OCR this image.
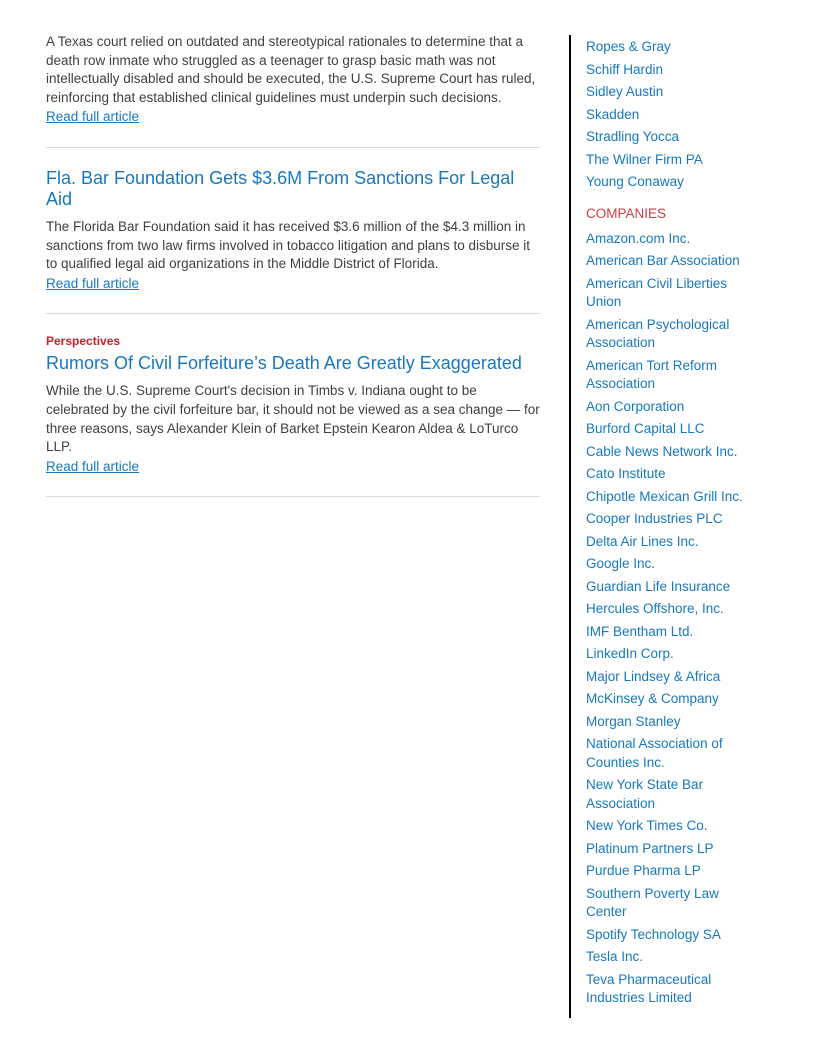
A Texas court relied on outdated and stereotypical rationales to determine that a death row inmate who struggled as a teenager to grasp basic math was not intellectually disabled and should be executed, the U.S. Supreme Court has ruled, reinforcing that established clinical guidelines must underpin such decisions.

Read full article
Fla. Bar Foundation Gets $3.6M From Sanctions For Legal Aid

The Florida Bar Foundation said it has received $3.6 million of the $4.3 million in sanctions from two law firms involved in tobacco litigation and plans to disburse it to qualified legal aid organizations in the Middle District of Florida.

Read full article
Perspectives
Rumors Of Civil Forfeiture’s Death Are Greatly Exaggerated

While the U.S. Supreme Court's decision in Timbs v. Indiana ought to be celebrated by the civil forfeiture bar, it should not be viewed as a sea change — for three reasons, says Alexander Klein of Barket Epstein Kearon Aldea & LoTurco LLP.

Read full article
Ropes & Gray
Schiff Hardin
Sidley Austin
Skadden
Stradling Yocca
The Wilner Firm PA
Young Conaway
COMPANIES
Amazon.com Inc.
American Bar Association
American Civil Liberties Union
American Psychological Association
American Tort Reform Association
Aon Corporation
Burford Capital LLC
Cable News Network Inc.
Cato Institute
Chipotle Mexican Grill Inc.
Cooper Industries PLC
Delta Air Lines Inc.
Google Inc.
Guardian Life Insurance
Hercules Offshore, Inc.
IMF Bentham Ltd.
LinkedIn Corp.
Major Lindsey & Africa
McKinsey & Company
Morgan Stanley
National Association of Counties Inc.
New York State Bar Association
New York Times Co.
Platinum Partners LP
Purdue Pharma LP
Southern Poverty Law Center
Spotify Technology SA
Tesla Inc.
Teva Pharmaceutical Industries Limited
